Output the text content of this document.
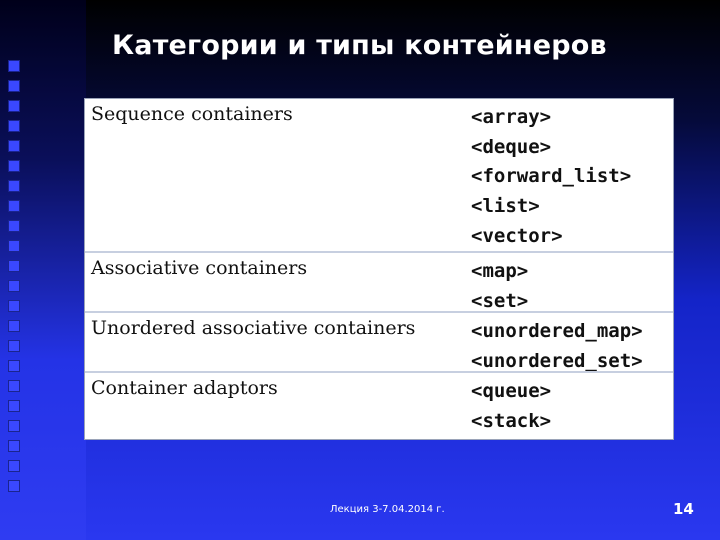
Категории и типы контейнеров
Sequence containers	<array>
<deque>
<forward_list>
<list>
<vector>
Associative containers	<map>
<set>
Unordered associative containers	<unordered_map>
<unordered_set>
Container adaptors	<queue>
<stack>
Лекция 3-7.04.2014 г.	14
